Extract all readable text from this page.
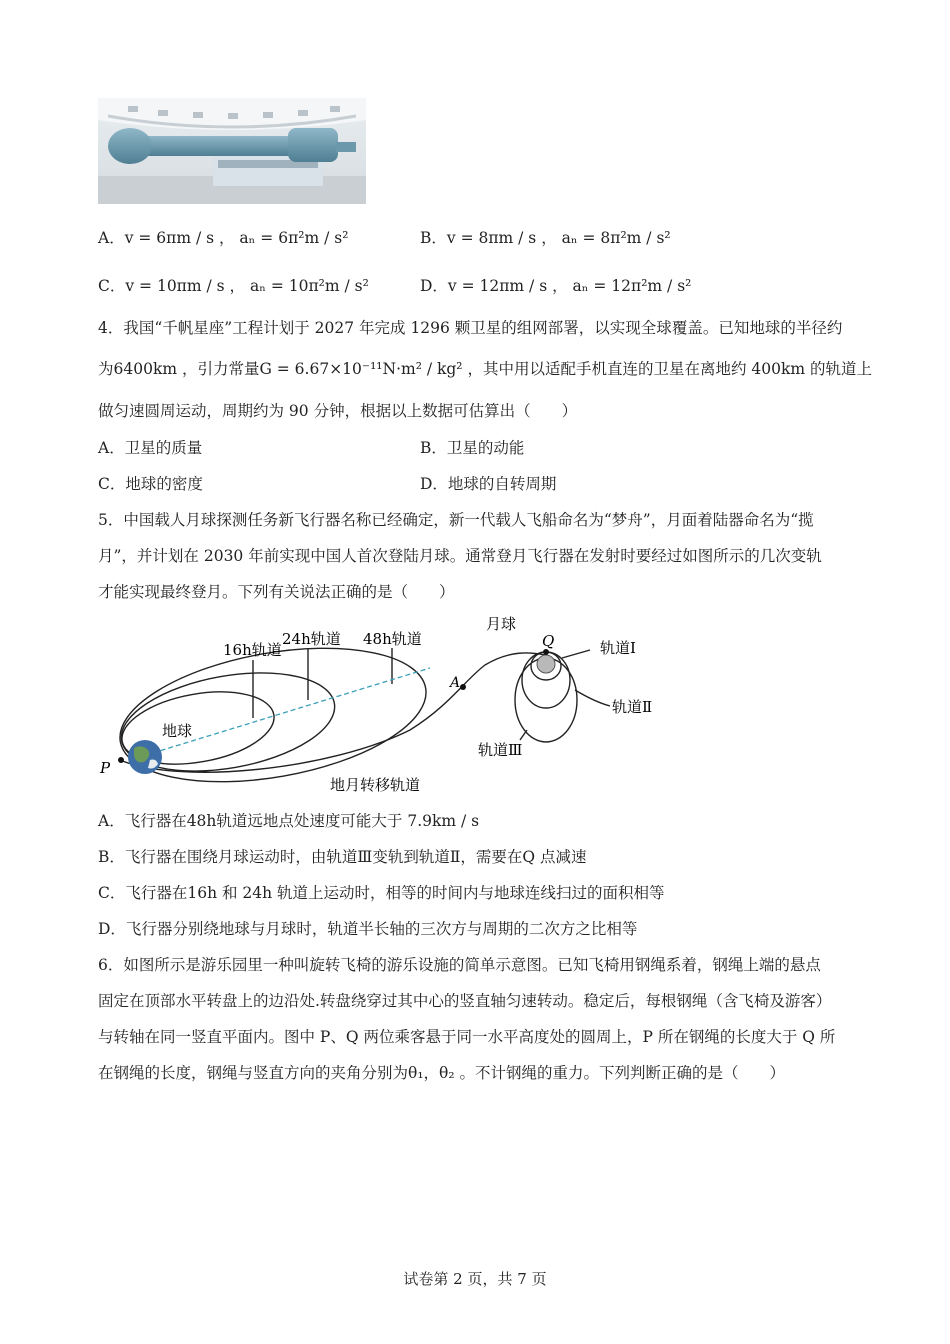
A．v = 6πm / s ， aₙ = 6π²m / s²	B．v = 8πm / s ， aₙ = 8π²m / s²
C．v = 10πm / s ， aₙ = 10π²m / s²	D．v = 12πm / s ， aₙ = 12π²m / s²
4．我国“千帆星座”工程计划于 2027 年完成 1296 颗卫星的组网部署，以实现全球覆盖。已知地球的半径约
为6400km ，引力常量G = 6.67×10⁻¹¹N·m² / kg² ，其中用以适配手机直连的卫星在离地约 400km 的轨道上
做匀速圆周运动，周期约为 90 分钟，根据以上数据可估算出（　　）
A．卫星的质量	B．卫星的动能
C．地球的密度	D．地球的自转周期
5．中国载人月球探测任务新飞行器名称已经确定，新一代载人飞船命名为“梦舟”，月面着陆器命名为“揽
月”，并计划在 2030 年前实现中国人首次登陆月球。通常登月飞行器在发射时要经过如图所示的几次变轨
才能实现最终登月。下列有关说法正确的是（　　）
16h轨道
24h轨道 48h轨道
地球
月球
P
A
Q	轨道Ⅰ
轨道Ⅱ
轨道Ⅲ
地月转移轨道
A．飞行器在48h轨道远地点处速度可能大于 7.9km / s
B．飞行器在围绕月球运动时，由轨道Ⅲ变轨到轨道Ⅱ，需要在Q 点减速
C．飞行器在16h 和 24h 轨道上运动时，相等的时间内与地球连线扫过的面积相等
D．飞行器分别绕地球与月球时，轨道半长轴的三次方与周期的二次方之比相等
6．如图所示是游乐园里一种叫旋转飞椅的游乐设施的简单示意图。已知飞椅用钢绳系着，钢绳上端的悬点
固定在顶部水平转盘上的边沿处.转盘绕穿过其中心的竖直轴匀速转动。稳定后，每根钢绳（含飞椅及游客）
与转轴在同一竖直平面内。图中 P、Q 两位乘客悬于同一水平高度处的圆周上，P 所在钢绳的长度大于 Q 所
在钢绳的长度，钢绳与竖直方向的夹角分别为θ₁，θ₂ 。不计钢绳的重力。下列判断正确的是（　　）
试卷第 2 页，共 7 页
